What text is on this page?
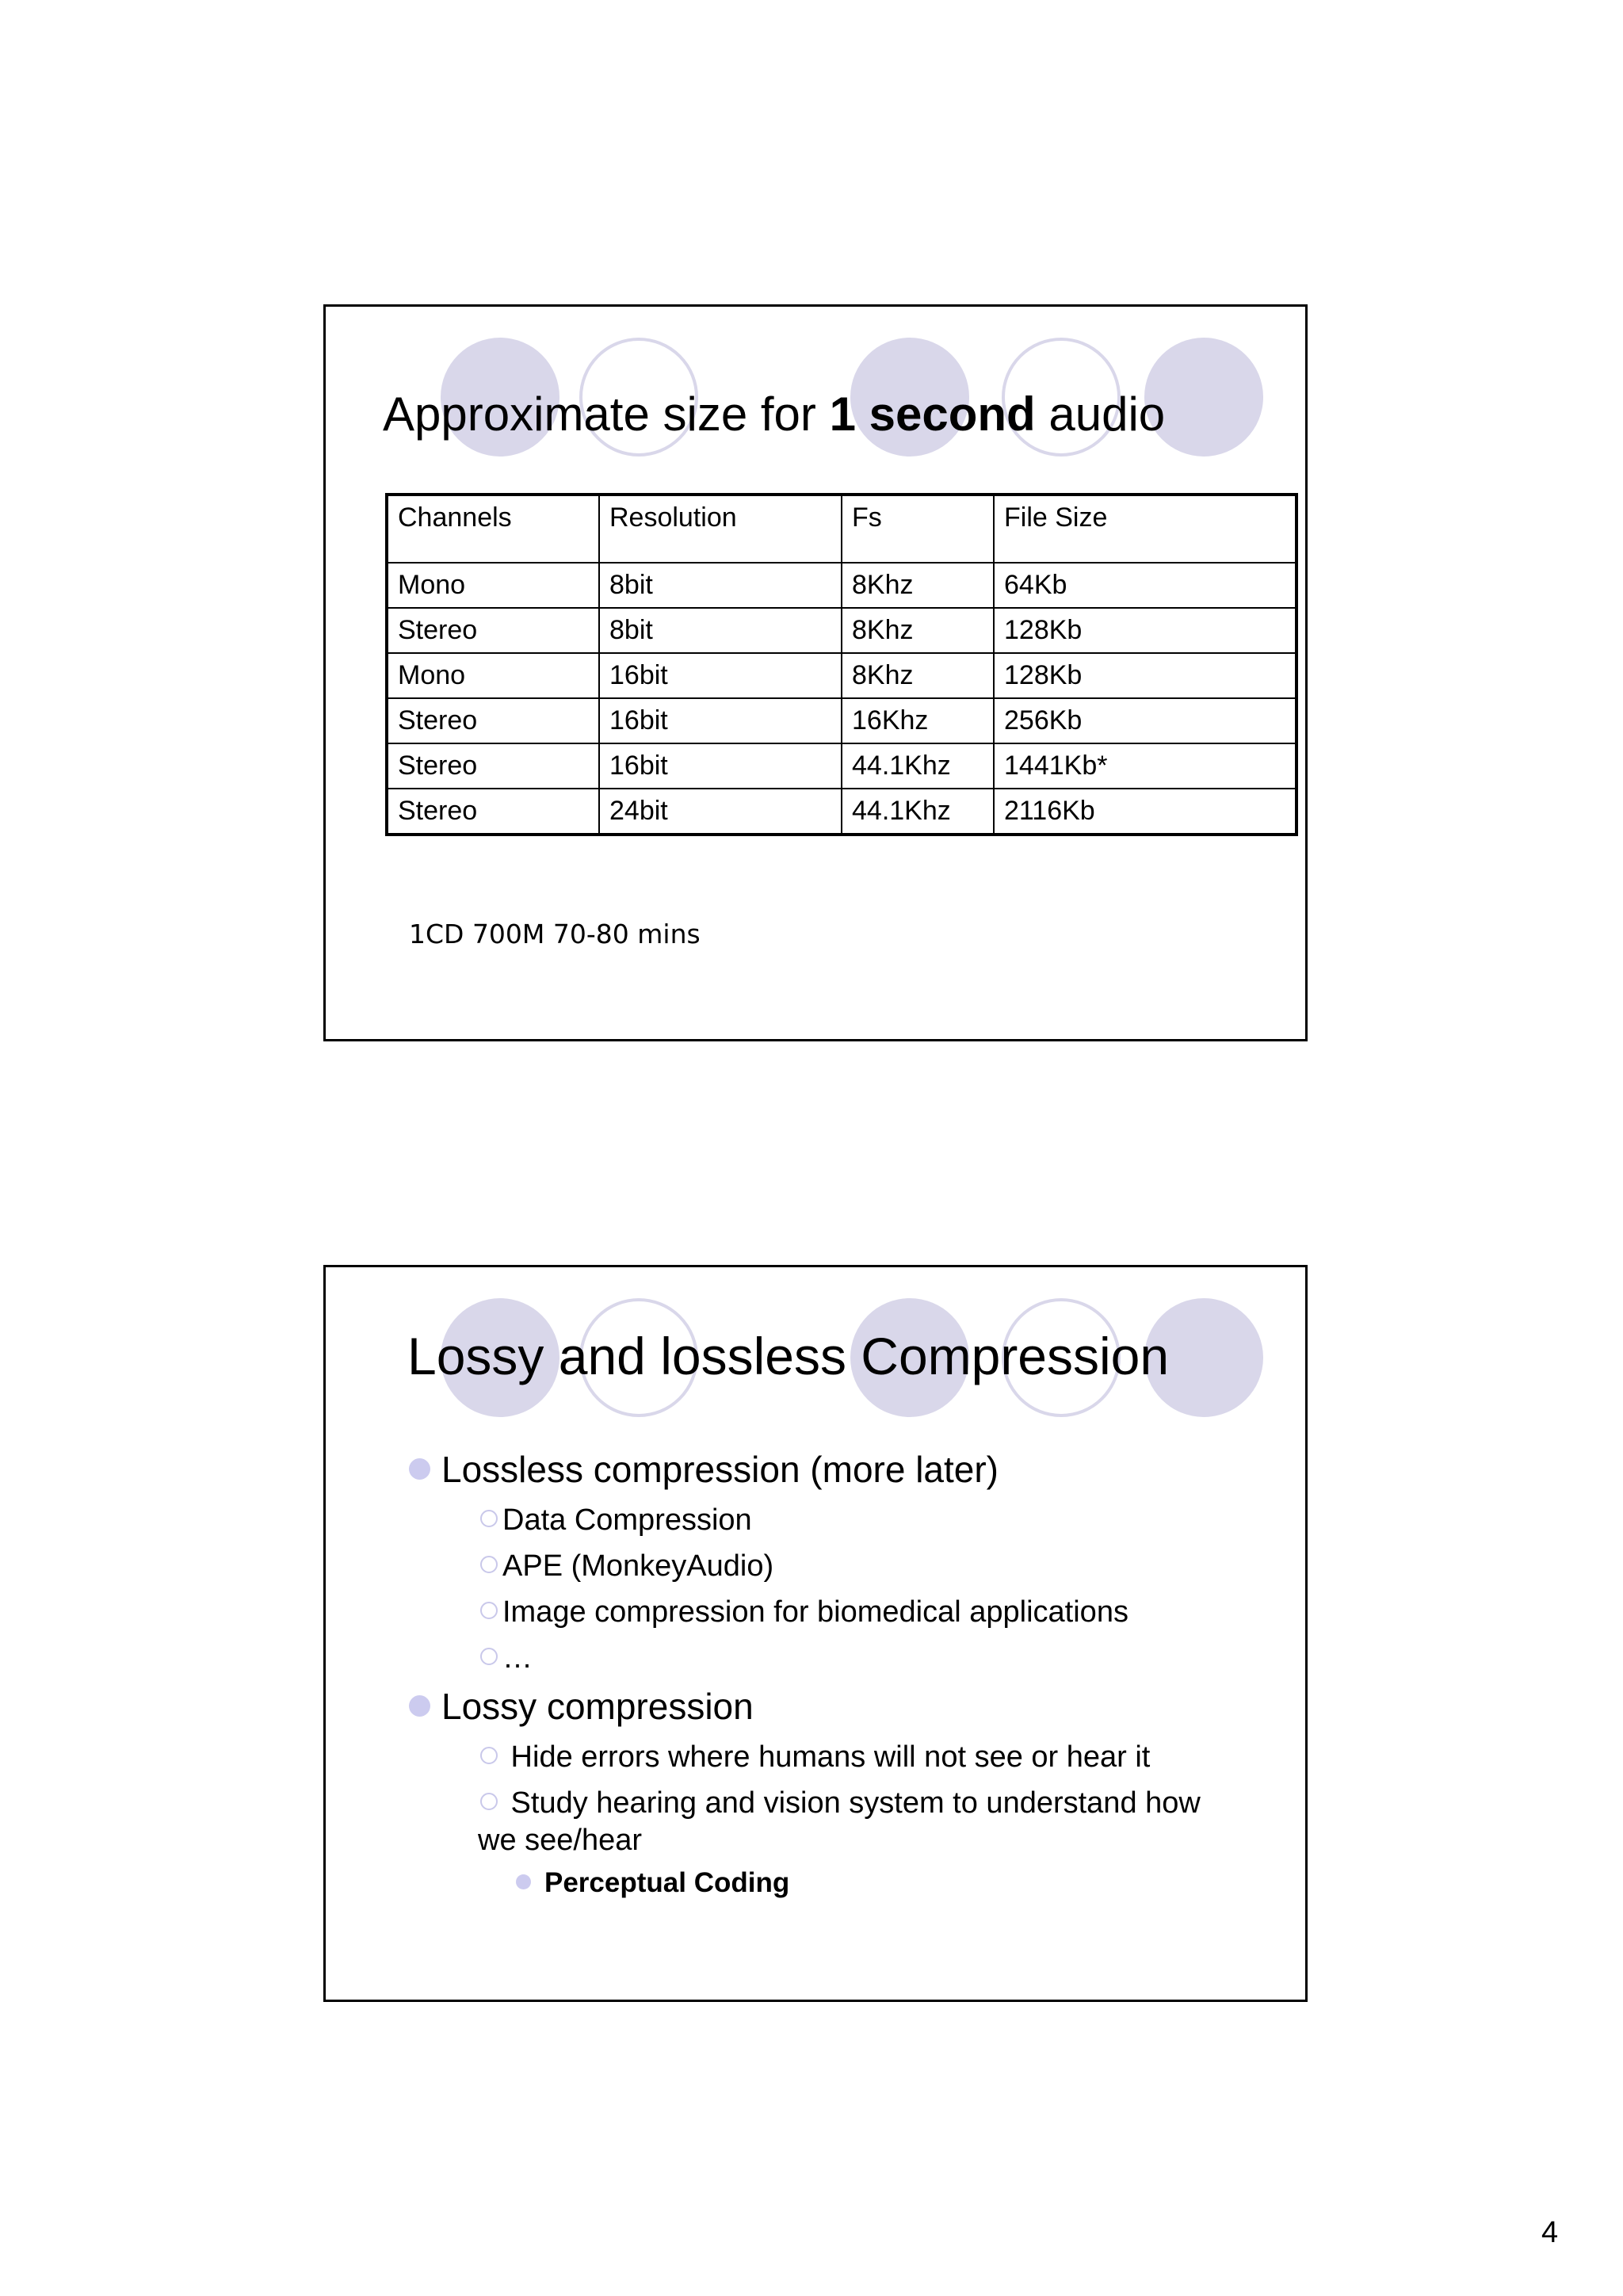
Approximate size for 1 second audio
Channels	Resolution	Fs	File Size
Mono	8bit	8Khz	64Kb
Stereo	8bit	8Khz	128Kb
Mono	16bit	8Khz	128Kb
Stereo	16bit	16Khz	256Kb
Stereo	16bit	44.1Khz	1441Kb*
Stereo	24bit	44.1Khz	2116Kb
1CD 700M 70-80 mins
Lossy and lossless Compression
Lossless compression (more later)
Data Compression
APE (MonkeyAudio)
Image compression for biomedical applications
…
Lossy compression
Hide errors where humans will not see or hear it
Study hearing and vision system to understand how
we see/hear
Perceptual Coding
4
